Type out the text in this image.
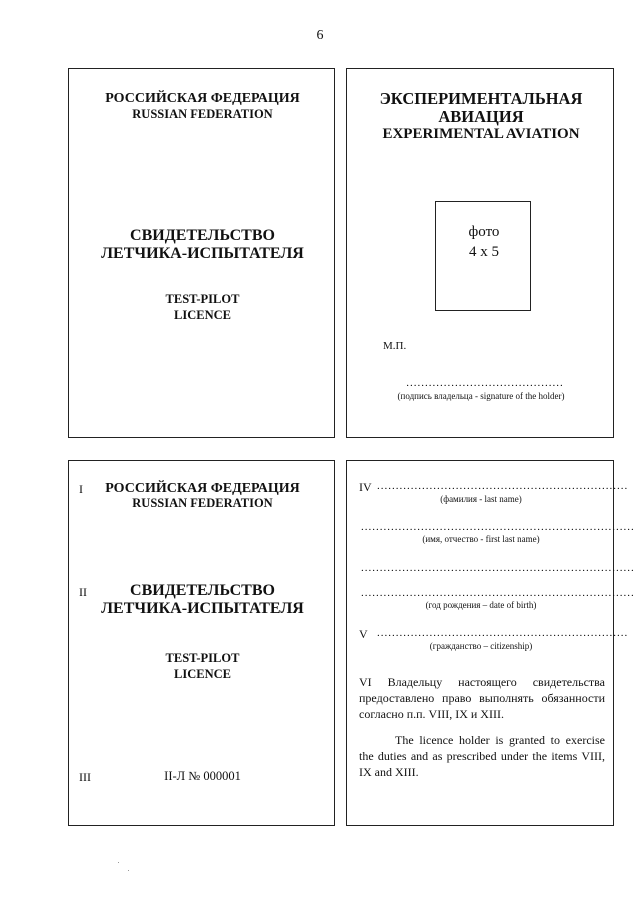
6
РОССИЙСКАЯ ФЕДЕРАЦИЯ
RUSSIAN FEDERATION
СВИДЕТЕЛЬСТВО
ЛЕТЧИКА-ИСПЫТАТЕЛЯ
TEST-PILOT
LICENCE
ЭКСПЕРИМЕНТАЛЬНАЯ
АВИАЦИЯ
EXPERIMENTAL AVIATION
фото
4 х 5
М.П.
..........................................
(подпись владельца - signature of the holder)
I	РОССИЙСКАЯ ФЕДЕРАЦИЯ
RUSSIAN FEDERATION
II	СВИДЕТЕЛЬСТВО
ЛЕТЧИКА-ИСПЫТАТЕЛЯ
TEST-PILOT
LICENCE
III	II-Л № 000001
IV ...................................................................
(фамилия - last name)
.........................................................................
(имя, отчество - first last name)
.........................................................................
.........................................................................
(год рождения – date of birth)
V ...................................................................
(гражданство – citizenship)
VI Владельцу настоящего свидетельства предоставлено право выполнять обязанности согласно п.п. VIII, IX и XIII.
The licence holder is granted to exercise the duties and as prescribed under the items VIII, IX and XIII.
